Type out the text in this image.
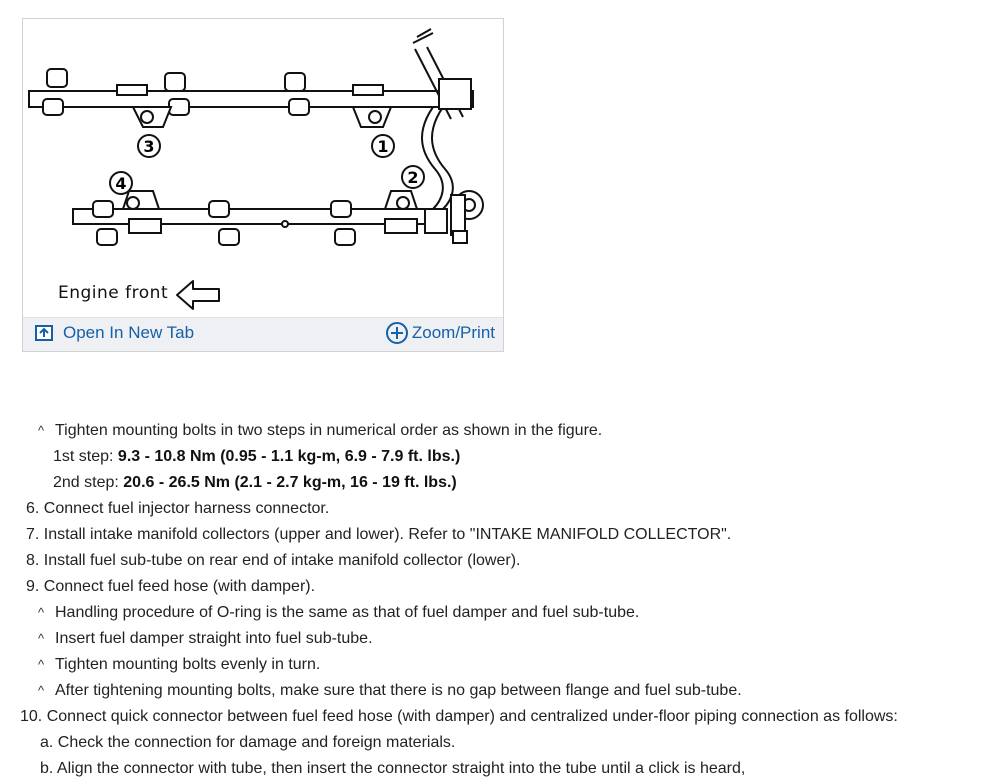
1
2
3
4
Engine front
Open In New Tab	Zoom/Print
^ Tighten mounting bolts in two steps in numerical order as shown in the figure.
1st step: 9.3 - 10.8 Nm (0.95 - 1.1 kg-m, 6.9 - 7.9 ft. lbs.)
2nd step: 20.6 - 26.5 Nm (2.1 - 2.7 kg-m, 16 - 19 ft. lbs.)
6. Connect fuel injector harness connector.
7. Install intake manifold collectors (upper and lower). Refer to "INTAKE MANIFOLD COLLECTOR".
8. Install fuel sub-tube on rear end of intake manifold collector (lower).
9. Connect fuel feed hose (with damper).
^ Handling procedure of O-ring is the same as that of fuel damper and fuel sub-tube.
^ Insert fuel damper straight into fuel sub-tube.
^ Tighten mounting bolts evenly in turn.
^ After tightening mounting bolts, make sure that there is no gap between flange and fuel sub-tube.
10. Connect quick connector between fuel feed hose (with damper) and centralized under-floor piping connection as follows:
a. Check the connection for damage and foreign materials.
b. Align the connector with tube, then insert the connector straight into the tube until a click is heard,
